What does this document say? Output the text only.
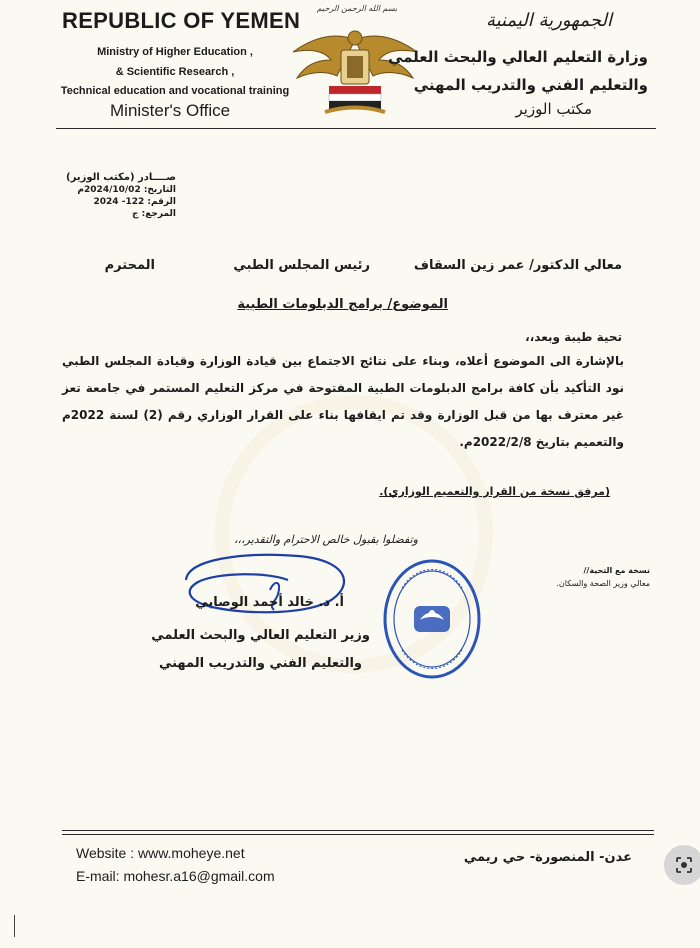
REPUBLIC OF YEMEN
Ministry of Higher Education ,
& Scientific Research ,
Technical education and vocational training
Minister's Office
بسم الله الرحمن الرحيم
الجمهورية اليمنية
وزارة التعليم العالي والبحث العلمي
والتعليم الفني والتدريب المهني
مكتب الوزير
صــــادر (مكتب الوزير)
التاريخ: 2024/10/02م
الرقم: 122- 2024
المرجع: ج
معالي الدكتور/ عمر زين السقاف
رئيس المجلس الطبي
المحترم
الموضوع/ برامج الدبلومات الطبية
تحية طيبة وبعد،،
بالإشارة الى الموضوع أعلاه، وبناء على نتائج الاجتماع بين قيادة الوزارة وقيادة المجلس الطبي نود التأكيد بأن كافة برامج الدبلومات الطبية المفتوحة في مركز التعليم المستمر في جامعة تعز غير معترف بها من قبل الوزارة وقد تم ايقافها بناء على القرار الوزاري رقم (2) لسنة 2022م والتعميم بتاريخ 2022/2/8م.
(مرفق نسخة من القرار والتعميم الوزاري).
وتفضلوا بقبول خالص الاحترام والتقدير،،،
نسخة مع التحية//
معالي وزير الصحة والسكان.
أ. د. خالد أحمد الوصابي
وزير التعليم العالي والبحث العلمي
والتعليم الفني والتدريب المهني
Website : www.moheye.net
E-mail: mohesr.a16@gmail.com
عدن- المنصورة- حي ريمي
